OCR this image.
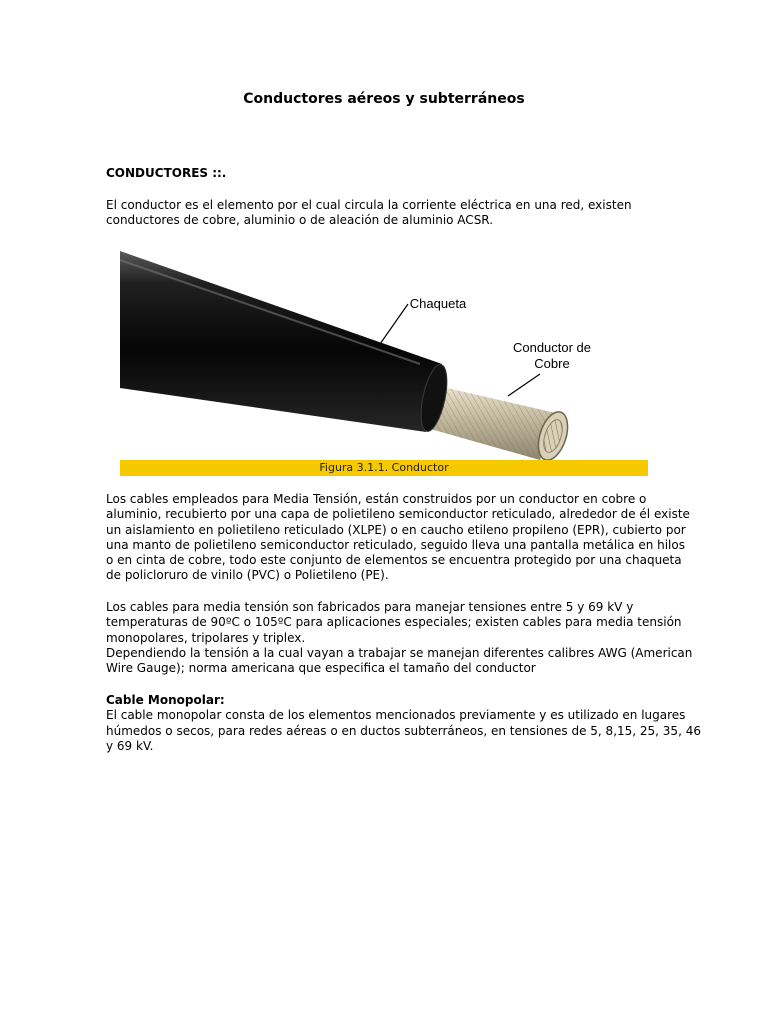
Conductores aéreos y subterráneos
CONDUCTORES ::.
El conductor es el elemento por el cual circula la corriente eléctrica en una red, existen
conductores de cobre, aluminio o de aleación de aluminio ACSR.
Chaqueta
Conductor de
Cobre
Figura 3.1.1. Conductor
Los cables empleados para Media Tensión, están construidos por un conductor en cobre o
aluminio, recubierto por una capa de polietileno semiconductor reticulado, alrededor de él existe
un aislamiento en polietileno reticulado (XLPE) o en caucho etileno propileno (EPR), cubierto por
una manto de polietileno semiconductor reticulado, seguido lleva una pantalla metálica en hilos
o en cinta de cobre, todo este conjunto de elementos se encuentra protegido por una chaqueta
de policloruro de vinilo (PVC) o Polietileno (PE).
Los cables para media tensión son fabricados para manejar tensiones entre 5 y 69 kV y
temperaturas de 90ºC o 105ºC para aplicaciones especiales; existen cables para media tensión
monopolares, tripolares y triplex.
Dependiendo la tensión a la cual vayan a trabajar se manejan diferentes calibres AWG (American
Wire Gauge); norma americana que especifica el tamaño del conductor
Cable Monopolar:
El cable monopolar consta de los elementos mencionados previamente y es utilizado en lugares
húmedos o secos, para redes aéreas o en ductos subterráneos, en tensiones de 5, 8,15, 25, 35, 46
y 69 kV.
